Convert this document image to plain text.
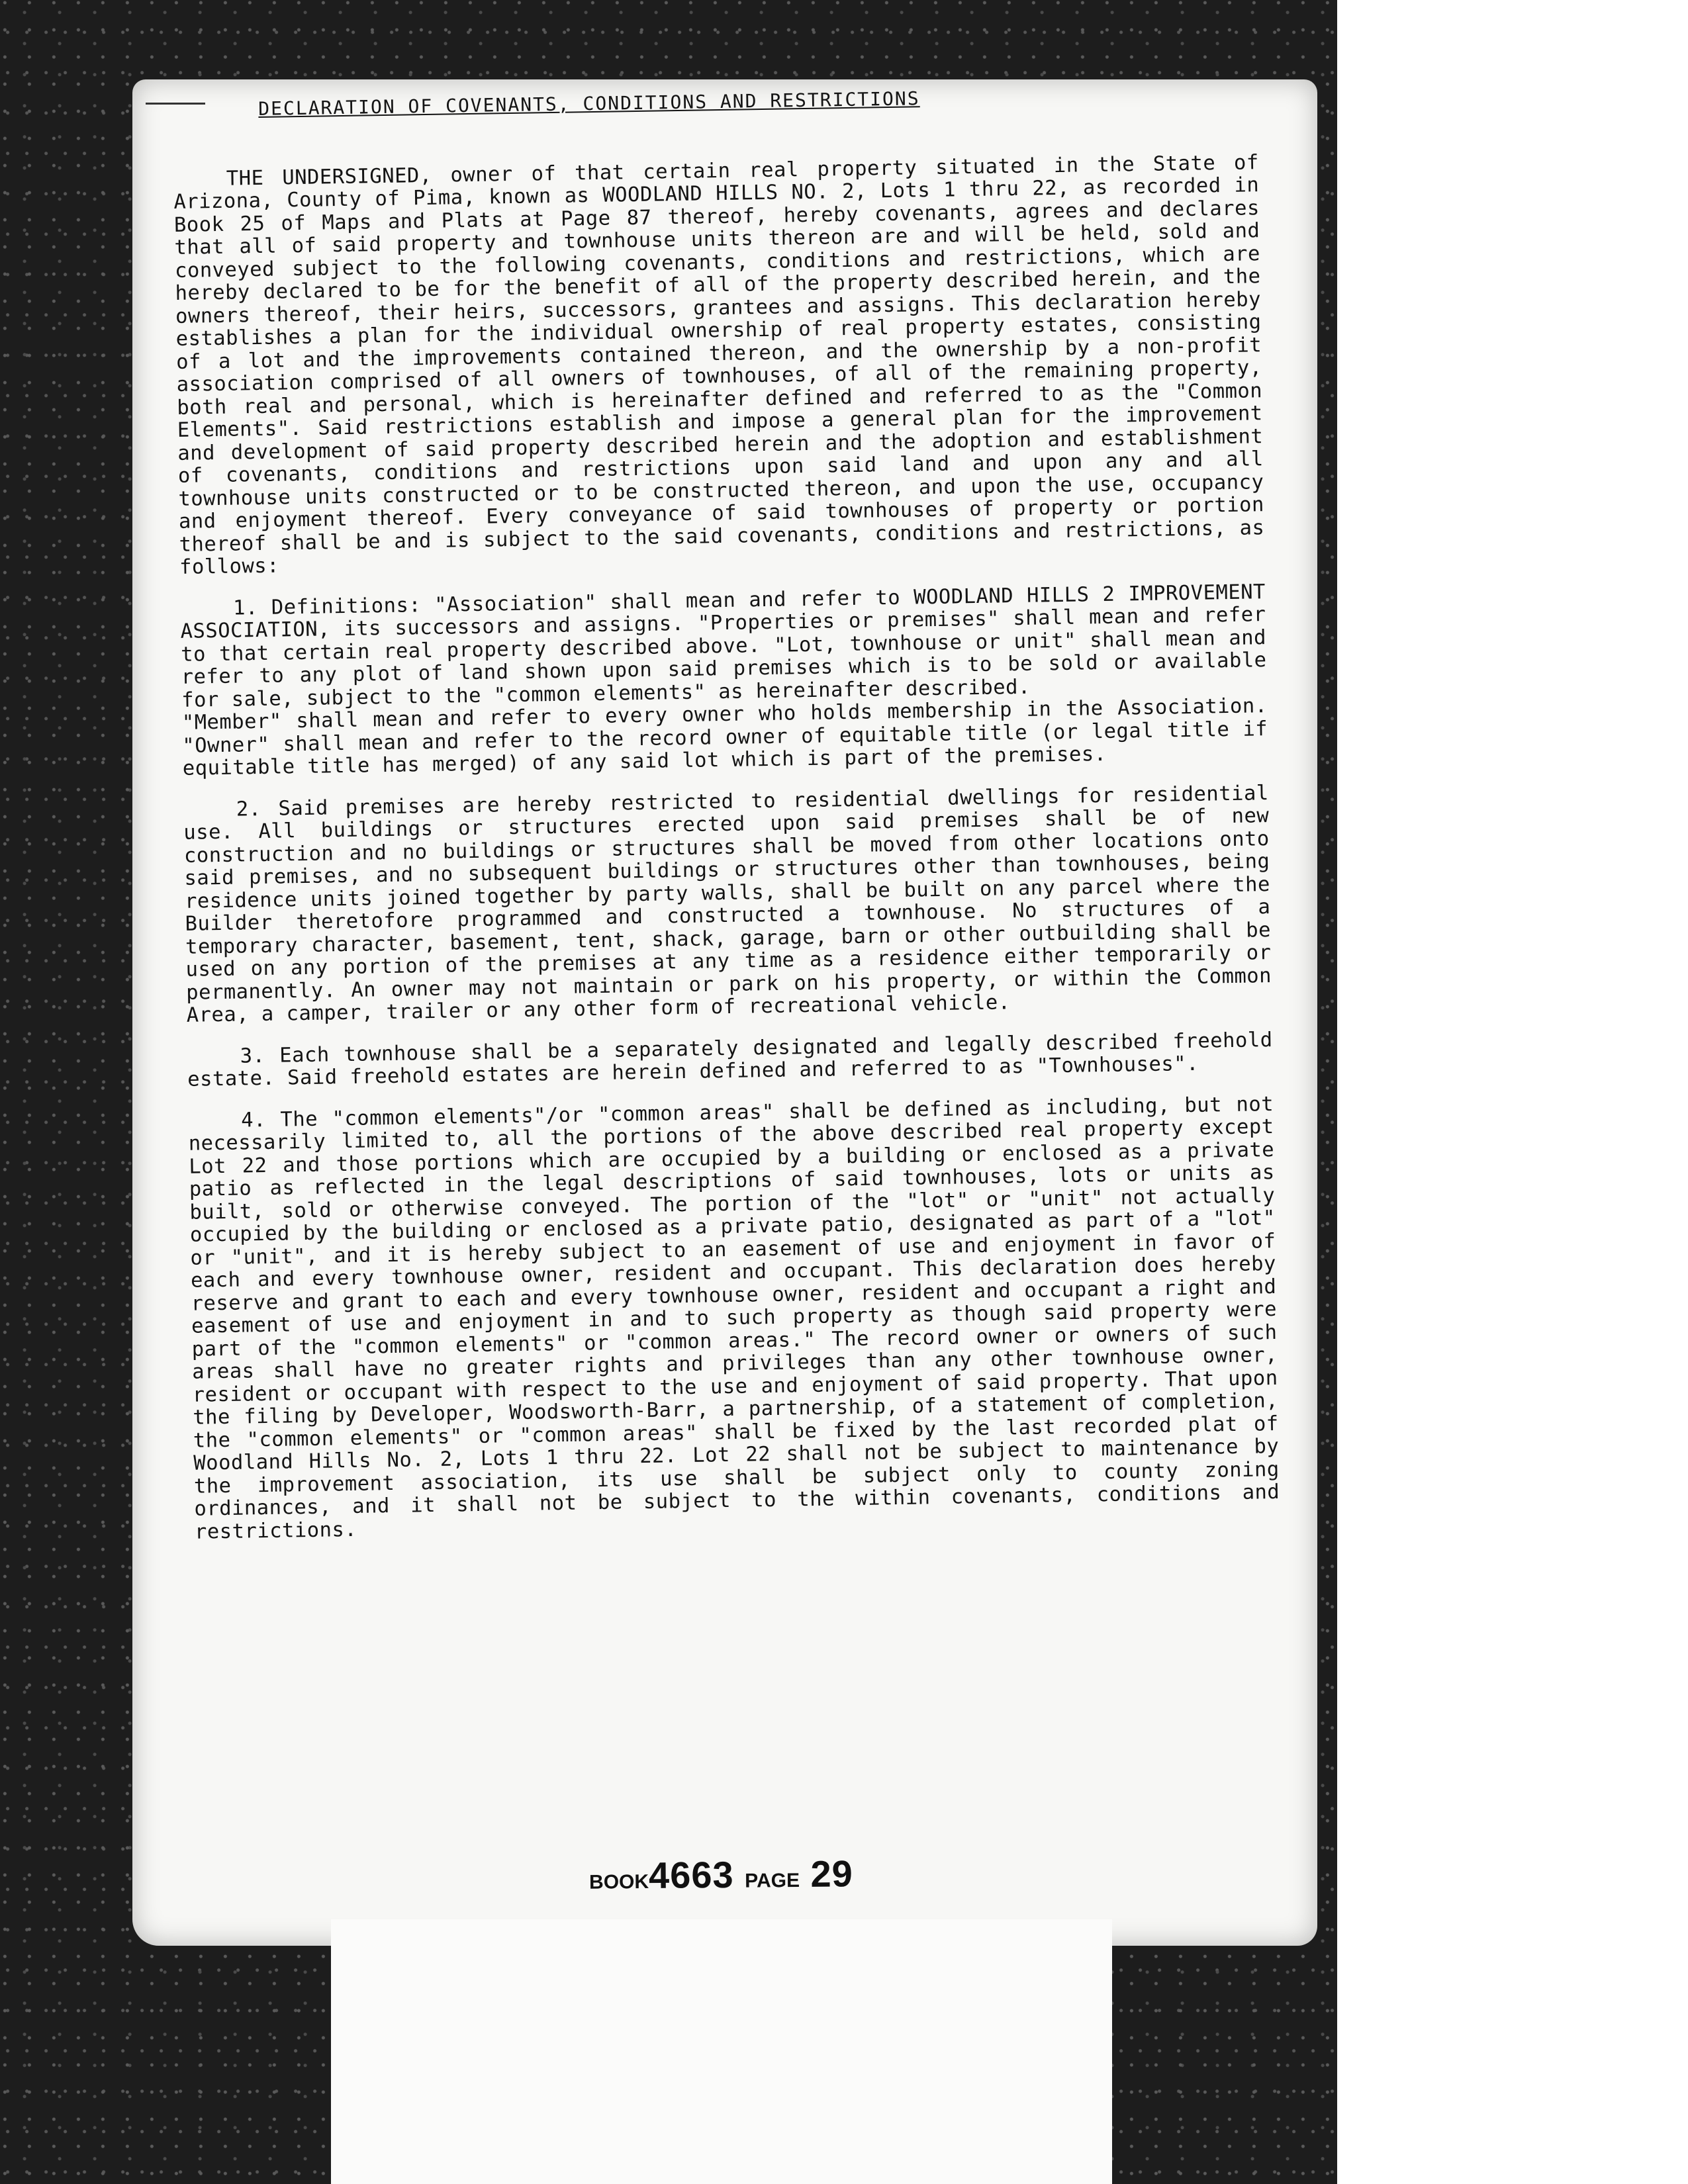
DECLARATION OF COVENANTS, CONDITIONS AND RESTRICTIONS

THE UNDERSIGNED, owner of that certain real property situated in the State of Arizona, County of Pima, known as WOODLAND HILLS NO. 2, Lots 1 thru 22, as recorded in Book 25 of Maps and Plats at Page 87 thereof, hereby covenants, agrees and declares that all of said property and townhouse units thereon are and will be held, sold and conveyed subject to the following covenants, conditions and restrictions, which are hereby declared to be for the benefit of all of the property described herein, and the owners thereof, their heirs, successors, grantees and assigns. This declaration hereby establishes a plan for the individual ownership of real property estates, consisting of a lot and the improvements contained thereon, and the ownership by a non-profit association comprised of all owners of townhouses, of all of the remaining property, both real and personal, which is hereinafter defined and referred to as the "Common Elements". Said restrictions establish and impose a general plan for the improvement and development of said property described herein and the adoption and establishment of covenants, conditions and restrictions upon said land and upon any and all townhouse units constructed or to be constructed thereon, and upon the use, occupancy and enjoyment thereof. Every conveyance of said townhouses of property or portion thereof shall be and is subject to the said covenants, conditions and restrictions, as follows:

1. Definitions: "Association" shall mean and refer to WOODLAND HILLS 2 IMPROVEMENT ASSOCIATION, its successors and assigns. "Properties or premises" shall mean and refer to that certain real property described above. "Lot, townhouse or unit" shall mean and refer to any plot of land shown upon said premises which is to be sold or available for sale, subject to the "common elements" as hereinafter described.
"Member" shall mean and refer to every owner who holds membership in the Association. "Owner" shall mean and refer to the record owner of equitable title (or legal title if equitable title has merged) of any said lot which is part of the premises.

2. Said premises are hereby restricted to residential dwellings for residential use. All buildings or structures erected upon said premises shall be of new construction and no buildings or structures shall be moved from other locations onto said premises, and no subsequent buildings or structures other than townhouses, being residence units joined together by party walls, shall be built on any parcel where the Builder theretofore programmed and constructed a townhouse. No structures of a temporary character, basement, tent, shack, garage, barn or other outbuilding shall be used on any portion of the premises at any time as a residence either temporarily or permanently. An owner may not maintain or park on his property, or within the Common Area, a camper, trailer or any other form of recreational vehicle.

3. Each townhouse shall be a separately designated and legally described freehold estate. Said freehold estates are herein defined and referred to as "Townhouses".

4. The "common elements"/or "common areas" shall be defined as including, but not necessarily limited to, all the portions of the above described real property except Lot 22 and those portions which are occupied by a building or enclosed as a private patio as reflected in the legal descriptions of said townhouses, lots or units as built, sold or otherwise conveyed. The portion of the "lot" or "unit" not actually occupied by the building or enclosed as a private patio, designated as part of a "lot" or "unit", and it is hereby subject to an easement of use and enjoyment in favor of each and every townhouse owner, resident and occupant. This declaration does hereby reserve and grant to each and every townhouse owner, resident and occupant a right and easement of use and enjoyment in and to such property as though said property were part of the "common elements" or "common areas." The record owner or owners of such areas shall have no greater rights and privileges than any other townhouse owner, resident or occupant with respect to the use and enjoyment of said property. That upon the filing by Developer, Woodsworth-Barr, a partnership, of a statement of completion, the "common elements" or "common areas" shall be fixed by the last recorded plat of Woodland Hills No. 2, Lots 1 thru 22. Lot 22 shall not be subject to maintenance by the improvement association, its use shall be subject only to county zoning ordinances, and it shall not be subject to the within covenants, conditions and restrictions.

BOOK4663 PAGE 29
